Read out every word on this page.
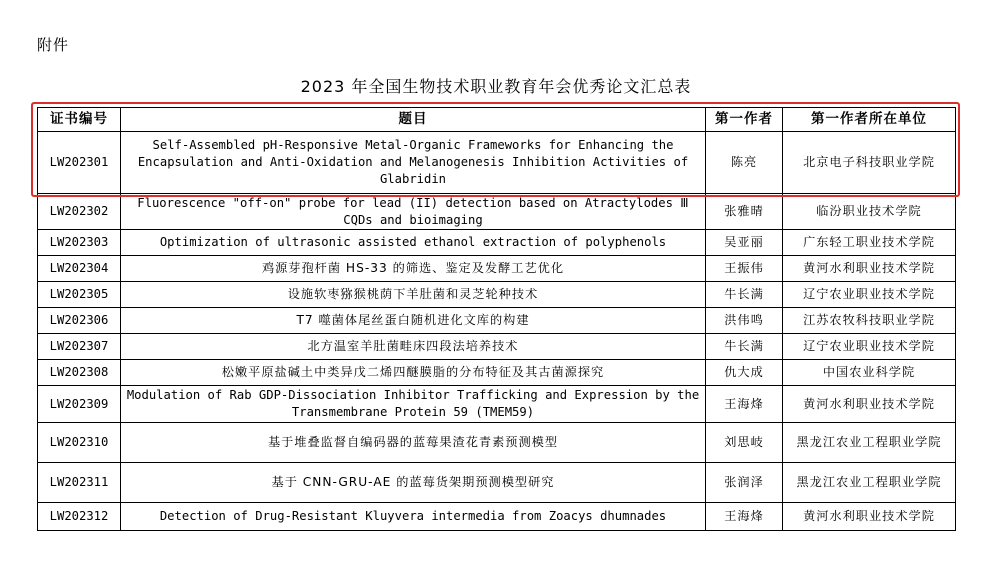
附件
2023 年全国生物技术职业教育年会优秀论文汇总表
证书编号	题目	第一作者	第一作者所在单位
LW202301	Self-Assembled pH-Responsive Metal-Organic Frameworks for Enhancing the Encapsulation and Anti-Oxidation and Melanogenesis Inhibition Activities of Glabridin	陈亮	北京电子科技职业学院
LW202302	Fluorescence "off-on" probe for lead (II) detection based on Atractylodes Ⅲ CQDs and bioimaging	张雅晴	临汾职业技术学院
LW202303	Optimization of ultrasonic assisted ethanol extraction of polyphenols	吴亚丽	广东轻工职业技术学院
LW202304	鸡源芽孢杆菌 HS-33 的筛选、鉴定及发酵工艺优化	王振伟	黄河水利职业技术学院
LW202305	设施软枣猕猴桃荫下羊肚菌和灵芝轮种技术	牛长满	辽宁农业职业技术学院
LW202306	T7 噬菌体尾丝蛋白随机进化文库的构建	洪伟鸣	江苏农牧科技职业学院
LW202307	北方温室羊肚菌畦床四段法培养技术	牛长满	辽宁农业职业技术学院
LW202308	松嫩平原盐碱土中类异戊二烯四醚膜脂的分布特征及其古菌源探究	仇大成	中国农业科学院
LW202309	Modulation of Rab GDP-Dissociation Inhibitor Trafficking and Expression by the Transmembrane Protein 59 (TMEM59)	王海烽	黄河水利职业技术学院
LW202310	基于堆叠监督自编码器的蓝莓果渣花青素预测模型	刘思岐	黑龙江农业工程职业学院
LW202311	基于 CNN-GRU-AE 的蓝莓货架期预测模型研究	张润泽	黑龙江农业工程职业学院
LW202312	Detection of Drug-Resistant Kluyvera intermedia from Zoacys dhumnades	王海烽	黄河水利职业技术学院
